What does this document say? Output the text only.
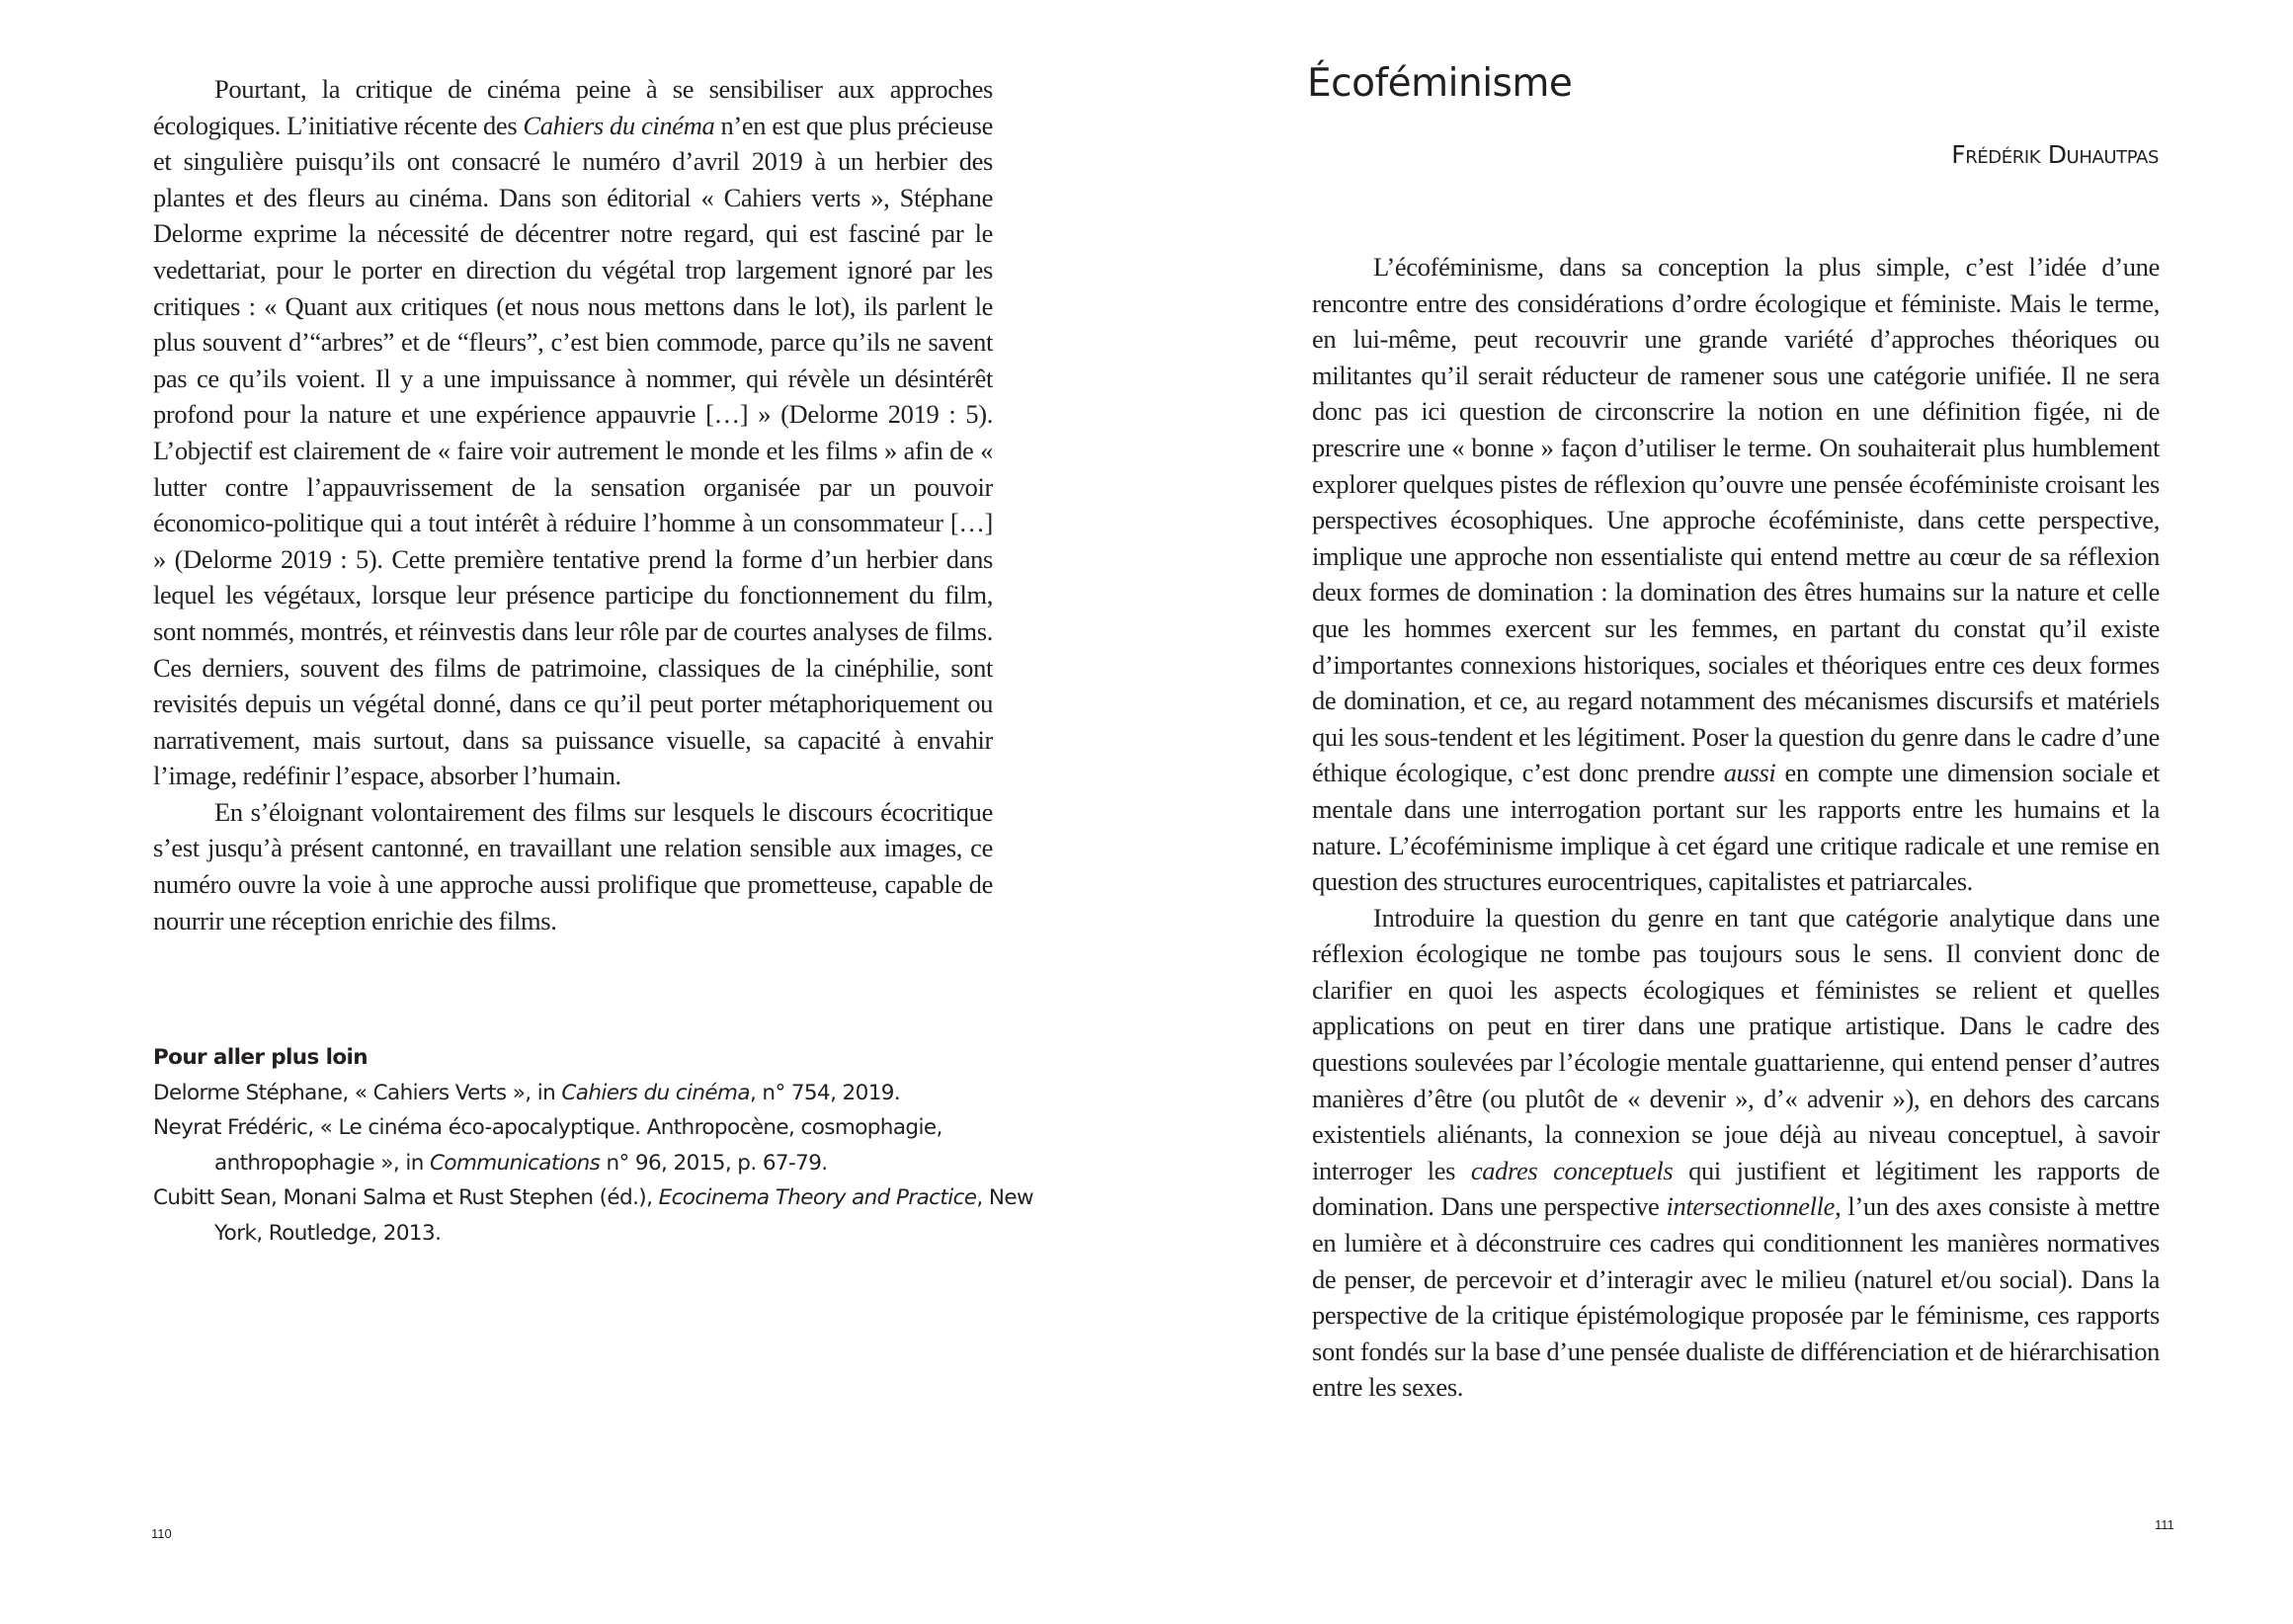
Pourtant, la critique de cinéma peine à se sensibiliser aux approches écologiques. L’initiative récente des Cahiers du cinéma n’en est que plus précieuse et singulière puisqu’ils ont consacré le numéro d’avril 2019 à un herbier des plantes et des fleurs au cinéma. Dans son éditorial « Cahiers verts », Stéphane Delorme exprime la nécessité de décentrer notre regard, qui est fasciné par le vedettariat, pour le porter en direction du végétal trop largement ignoré par les critiques : « Quant aux critiques (et nous nous mettons dans le lot), ils parlent le plus souvent d’“arbres” et de “fleurs”, c’est bien commode, parce qu’ils ne savent pas ce qu’ils voient. Il y a une impuissance à nommer, qui révèle un désintérêt profond pour la nature et une expérience appauvrie […] » (Delorme 2019 : 5). L’objectif est clairement de « faire voir autrement le monde et les films » afin de « lutter contre l’appauvrissement de la sensation organisée par un pouvoir économico-politique qui a tout intérêt à réduire l’homme à un consommateur […] » (Delorme 2019 : 5). Cette première tentative prend la forme d’un herbier dans lequel les végétaux, lorsque leur présence participe du fonctionnement du film, sont nommés, montrés, et réinvestis dans leur rôle par de courtes analyses de films. Ces derniers, souvent des films de patrimoine, classiques de la cinéphilie, sont revisités depuis un végétal donné, dans ce qu’il peut porter métaphoriquement ou narrativement, mais surtout, dans sa puissance visuelle, sa capacité à envahir l’image, redéfinir l’espace, absorber l’humain.

En s’éloignant volontairement des films sur lesquels le discours écocritique s’est jusqu’à présent cantonné, en travaillant une relation sensible aux images, ce numéro ouvre la voie à une approche aussi prolifique que prometteuse, capable de nourrir une réception enrichie des films.

Pour aller plus loin
Delorme Stéphane, « Cahiers Verts », in Cahiers du cinéma, n° 754, 2019.
Neyrat Frédéric, « Le cinéma éco-apocalyptique. Anthropocène, cosmophagie, anthropophagie », in Communications n° 96, 2015, p. 67-79.
Cubitt Sean, Monani Salma et Rust Stephen (éd.), Ecocinema Theory and Practice, New York, Routledge, 2013.
110
Écoféminisme
Frédérik Duhautpas

L’écoféminisme, dans sa conception la plus simple, c’est l’idée d’une rencontre entre des considérations d’ordre écologique et féministe. Mais le terme, en lui-même, peut recouvrir une grande variété d’approches théoriques ou militantes qu’il serait réducteur de ramener sous une catégorie unifiée. Il ne sera donc pas ici question de circonscrire la notion en une définition figée, ni de prescrire une « bonne » façon d’utiliser le terme. On souhaiterait plus humblement explorer quelques pistes de réflexion qu’ouvre une pensée écoféministe croisant les perspectives écosophiques. Une approche écoféministe, dans cette perspective, implique une approche non essentialiste qui entend mettre au cœur de sa réflexion deux formes de domination : la domination des êtres humains sur la nature et celle que les hommes exercent sur les femmes, en partant du constat qu’il existe d’importantes connexions historiques, sociales et théoriques entre ces deux formes de domination, et ce, au regard notamment des mécanismes discursifs et matériels qui les sous-tendent et les légitiment. Poser la question du genre dans le cadre d’une éthique écologique, c’est donc prendre aussi en compte une dimension sociale et mentale dans une interrogation portant sur les rapports entre les humains et la nature. L’écoféminisme implique à cet égard une critique radicale et une remise en question des structures eurocentriques, capitalistes et patriarcales.

Introduire la question du genre en tant que catégorie analytique dans une réflexion écologique ne tombe pas toujours sous le sens. Il convient donc de clarifier en quoi les aspects écologiques et féministes se relient et quelles applications on peut en tirer dans une pratique artistique. Dans le cadre des questions soulevées par l’écologie mentale guattarienne, qui entend penser d’autres manières d’être (ou plutôt de « devenir », d’« advenir »), en dehors des carcans existentiels aliénants, la connexion se joue déjà au niveau conceptuel, à savoir interroger les cadres conceptuels qui justifient et légitiment les rapports de domination. Dans une perspective intersectionnelle, l’un des axes consiste à mettre en lumière et à déconstruire ces cadres qui conditionnent les manières normatives de penser, de percevoir et d’interagir avec le milieu (naturel et/ou social). Dans la perspective de la critique épistémologique proposée par le féminisme, ces rapports sont fondés sur la base d’une pensée dualiste de différenciation et de hiérarchisation entre les sexes.

111
